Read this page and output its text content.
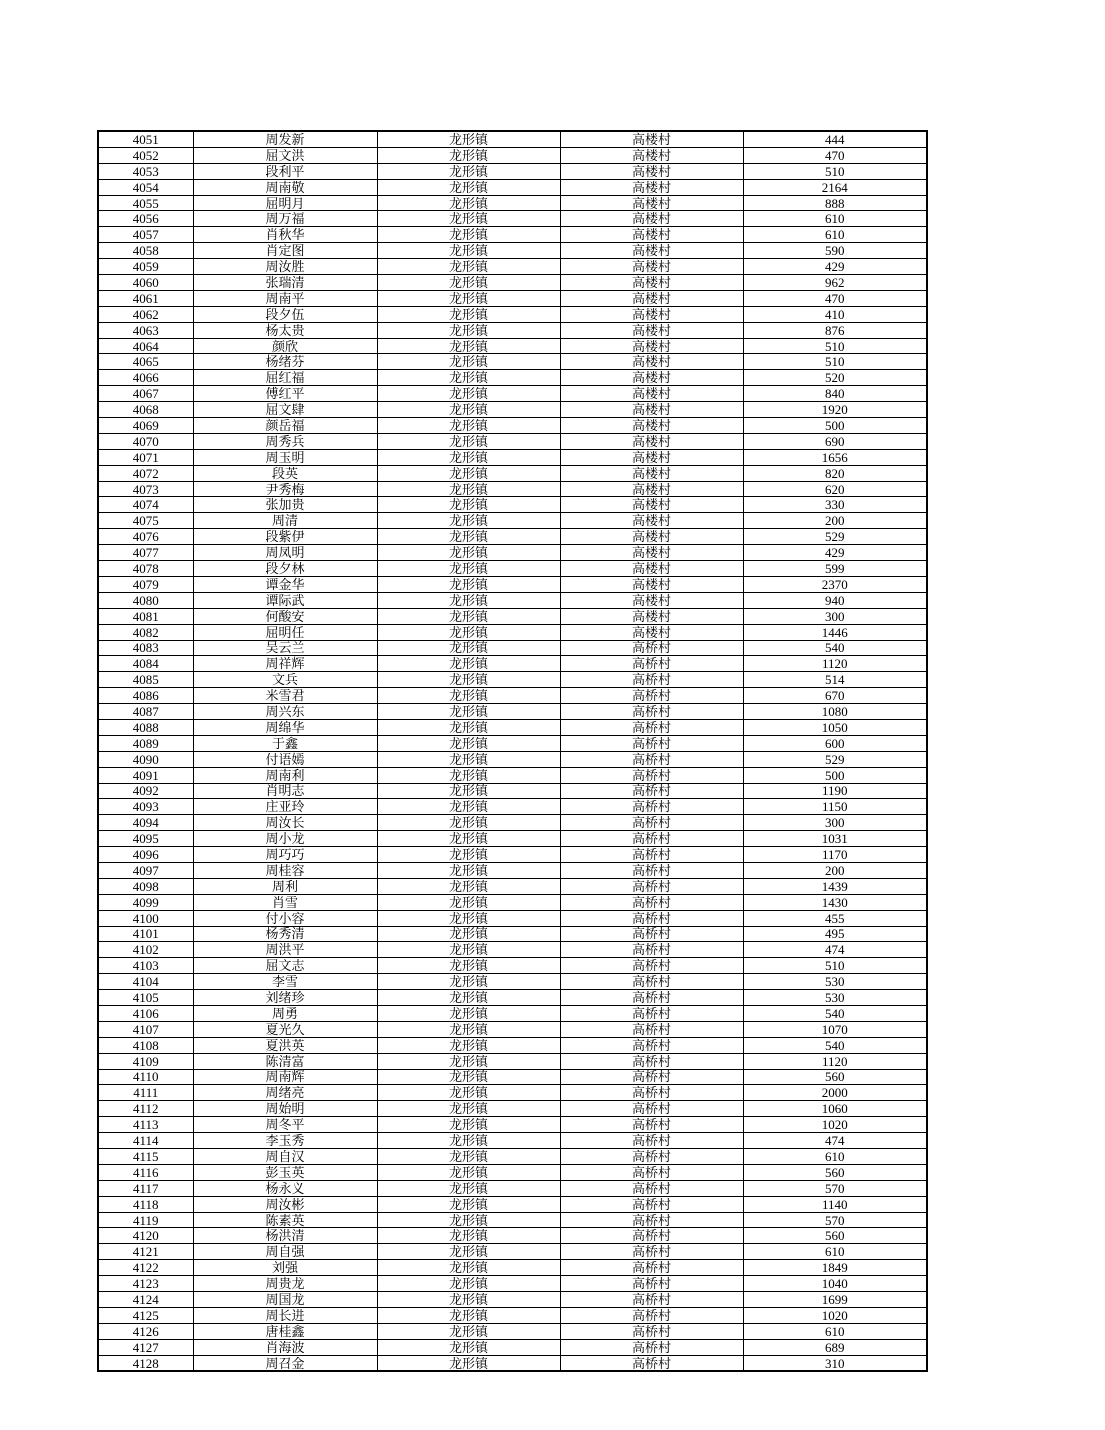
4051	周发新	龙形镇	高楼村	444
4052	屈文洪	龙形镇	高楼村	470
4053	段利平	龙形镇	高楼村	510
4054	周南敬	龙形镇	高楼村	2164
4055	屈明月	龙形镇	高楼村	888
4056	周万福	龙形镇	高楼村	610
4057	肖秋华	龙形镇	高楼村	610
4058	肖定图	龙形镇	高楼村	590
4059	周汝胜	龙形镇	高楼村	429
4060	张瑞清	龙形镇	高楼村	962
4061	周南平	龙形镇	高楼村	470
4062	段夕伍	龙形镇	高楼村	410
4063	杨太贵	龙形镇	高楼村	876
4064	颜欣	龙形镇	高楼村	510
4065	杨绪芬	龙形镇	高楼村	510
4066	屈红福	龙形镇	高楼村	520
4067	傅红平	龙形镇	高楼村	840
4068	屈文肆	龙形镇	高楼村	1920
4069	颜岳福	龙形镇	高楼村	500
4070	周秀兵	龙形镇	高楼村	690
4071	周玉明	龙形镇	高楼村	1656
4072	段英	龙形镇	高楼村	820
4073	尹秀梅	龙形镇	高楼村	620
4074	张加贵	龙形镇	高楼村	330
4075	周清	龙形镇	高楼村	200
4076	段紫伊	龙形镇	高楼村	529
4077	周凤明	龙形镇	高楼村	429
4078	段夕林	龙形镇	高楼村	599
4079	谭金华	龙形镇	高楼村	2370
4080	谭际武	龙形镇	高楼村	940
4081	何酸安	龙形镇	高楼村	300
4082	屈明任	龙形镇	高楼村	1446
4083	吴云兰	龙形镇	高桥村	540
4084	周祥辉	龙形镇	高桥村	1120
4085	文兵	龙形镇	高桥村	514
4086	米雪君	龙形镇	高桥村	670
4087	周兴东	龙形镇	高桥村	1080
4088	周绵华	龙形镇	高桥村	1050
4089	于鑫	龙形镇	高桥村	600
4090	付语嫣	龙形镇	高桥村	529
4091	周南利	龙形镇	高桥村	500
4092	肖明志	龙形镇	高桥村	1190
4093	庄亚玲	龙形镇	高桥村	1150
4094	周汝长	龙形镇	高桥村	300
4095	周小龙	龙形镇	高桥村	1031
4096	周巧巧	龙形镇	高桥村	1170
4097	周桂容	龙形镇	高桥村	200
4098	周利	龙形镇	高桥村	1439
4099	肖雪	龙形镇	高桥村	1430
4100	付小容	龙形镇	高桥村	455
4101	杨秀清	龙形镇	高桥村	495
4102	周洪平	龙形镇	高桥村	474
4103	屈文志	龙形镇	高桥村	510
4104	李雪	龙形镇	高桥村	530
4105	刘绪珍	龙形镇	高桥村	530
4106	周勇	龙形镇	高桥村	540
4107	夏光久	龙形镇	高桥村	1070
4108	夏洪英	龙形镇	高桥村	540
4109	陈清富	龙形镇	高桥村	1120
4110	周南辉	龙形镇	高桥村	560
4111	周绪亮	龙形镇	高桥村	2000
4112	周始明	龙形镇	高桥村	1060
4113	周冬平	龙形镇	高桥村	1020
4114	李玉秀	龙形镇	高桥村	474
4115	周自汉	龙形镇	高桥村	610
4116	彭玉英	龙形镇	高桥村	560
4117	杨永义	龙形镇	高桥村	570
4118	周汝彬	龙形镇	高桥村	1140
4119	陈素英	龙形镇	高桥村	570
4120	杨洪清	龙形镇	高桥村	560
4121	周自强	龙形镇	高桥村	610
4122	刘强	龙形镇	高桥村	1849
4123	周贵龙	龙形镇	高桥村	1040
4124	周国龙	龙形镇	高桥村	1699
4125	周长进	龙形镇	高桥村	1020
4126	唐桂鑫	龙形镇	高桥村	610
4127	肖海波	龙形镇	高桥村	689
4128	周召金	龙形镇	高桥村	310
